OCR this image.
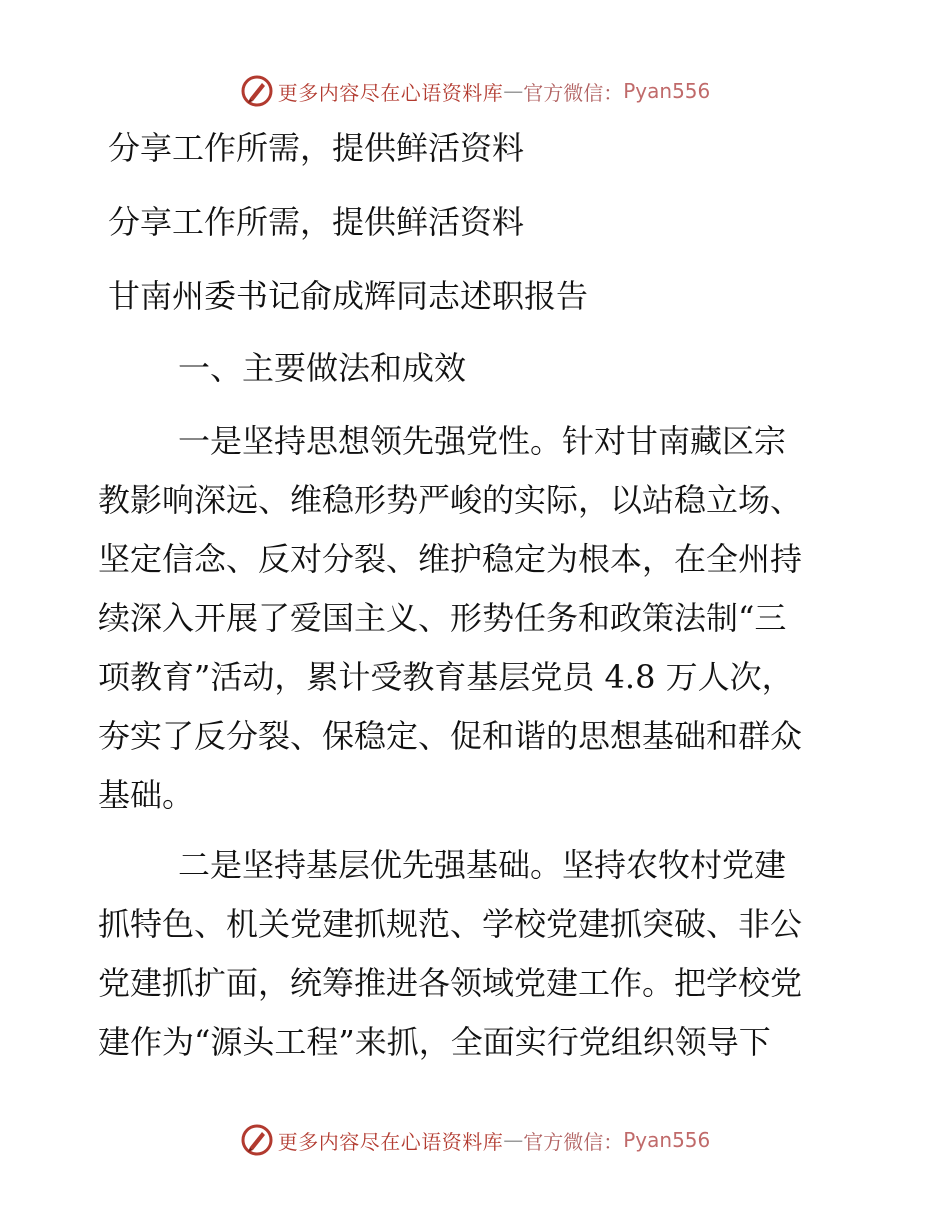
更多内容尽在心语资料库 — 官方微信： Pyan556
分享工作所需，提供鲜活资料
分享工作所需，提供鲜活资料
甘南州委书记俞成辉同志述职报告
一、主要做法和成效
一是坚持思想领先强党性。针对甘南藏区宗
教影响深远、维稳形势严峻的实际，以站稳立场、
坚定信念、反对分裂、维护稳定为根本，在全州持
续深入开展了爱国主义、形势任务和政策法制“三
项教育”活动，累计受教育基层党员 4.8 万人次，
夯实了反分裂、保稳定、促和谐的思想基础和群众
基础。
二是坚持基层优先强基础。坚持农牧村党建
抓特色、机关党建抓规范、学校党建抓突破、非公
党建抓扩面，统筹推进各领域党建工作。把学校党
建作为“源头工程”来抓，全面实行党组织领导下
更多内容尽在心语资料库 — 官方微信： Pyan556
